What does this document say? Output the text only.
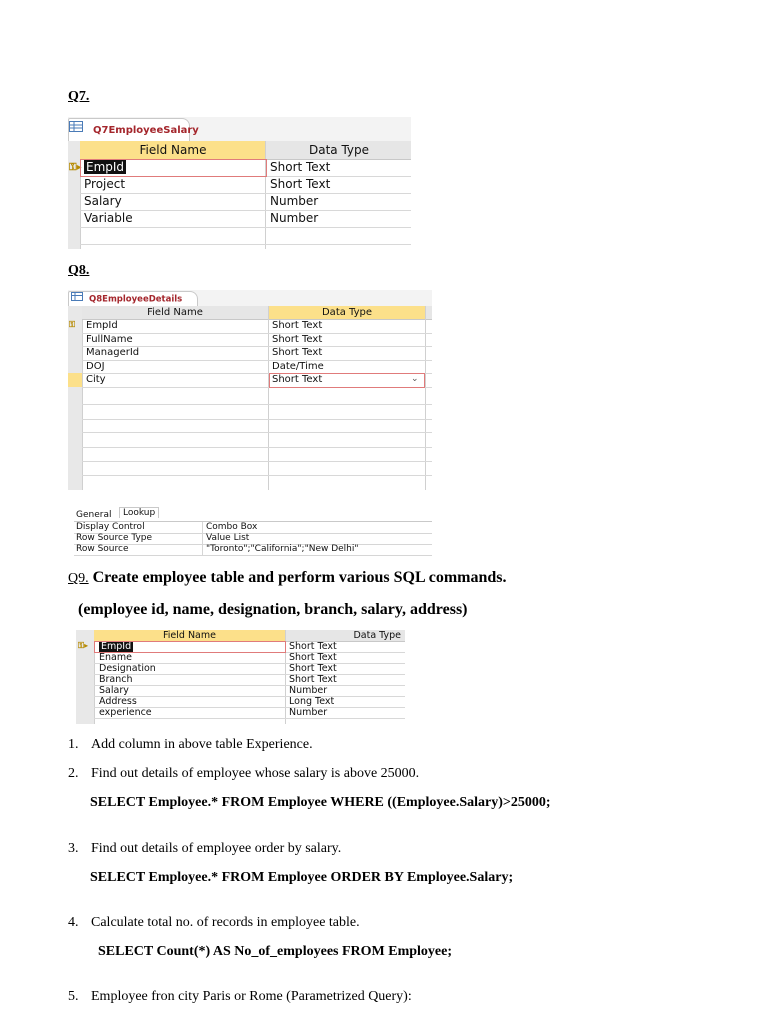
Q7.
Q7EmployeeSalary
Field Name	Data Type
⚿▸ EmpId	Short Text
Project	Short Text
Salary	Number
Variable	Number
Q8.
Q8EmployeeDetails
Field Name	Data Type
⚿ EmpId	Short Text
FullName	Short Text
ManagerId	Short Text
DOJ	Date/Time
City	Short Text	⌄
General	Lookup
Display Control	Combo Box
Row Source Type	Value List
Row Source	"Toronto";"California";"New Delhi"
Q9. Create employee table and perform various SQL commands.
(employee id, name, designation, branch, salary, address)
Field Name	Data Type
⚿▸ EmpId	Short Text
Ename	Short Text
Designation	Short Text
Branch	Short Text
Salary	Number
Address	Long Text
experience	Number
1. Add column in above table Experience.
2. Find out details of employee whose salary is above 25000.
SELECT Employee.* FROM Employee WHERE ((Employee.Salary)>25000;
3. Find out details of employee order by salary.
SELECT Employee.* FROM Employee ORDER BY Employee.Salary;
4. Calculate total no. of records in employee table.
SELECT Count(*) AS No_of_employees FROM Employee;
5. Employee fron city Paris or Rome (Parametrized Query):
